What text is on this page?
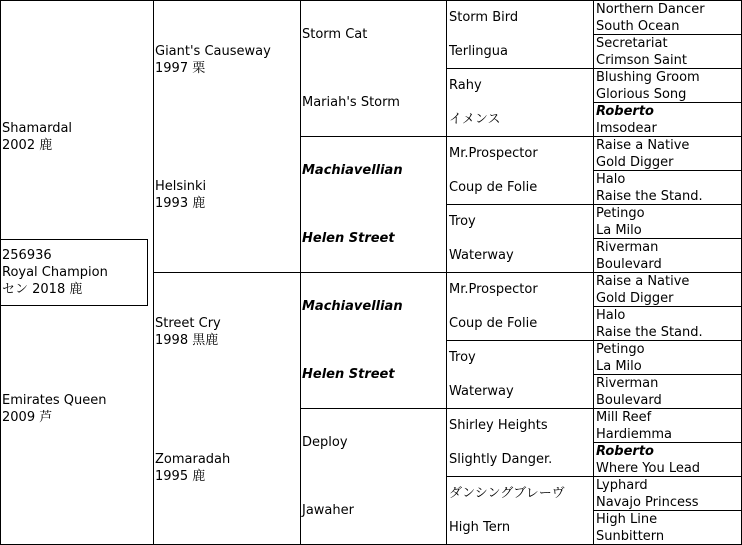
256936
Royal Champion
セン 2018 鹿
Shamardal
2002 鹿
Emirates Queen
2009 芦
Giant's Causeway
1997 栗
Helsinki
1993 鹿
Street Cry
1998 黒鹿
Zomaradah
1995 鹿
Storm Cat
Mariah's Storm
Machiavellian
Helen Street
Machiavellian
Helen Street
Deploy
Jawaher
Storm Bird
Terlingua
Rahy
イメンス
Mr.Prospector
Coup de Folie
Troy
Waterway
Mr.Prospector
Coup de Folie
Troy
Waterway
Shirley Heights
Slightly Danger.
ダンシングブレーヴ
High Tern
Northern Dancer
South Ocean
Secretariat
Crimson Saint
Blushing Groom
Glorious Song
Roberto
Imsodear
Raise a Native
Gold Digger
Halo
Raise the Stand.
Petingo
La Milo
Riverman
Boulevard
Raise a Native
Gold Digger
Halo
Raise the Stand.
Petingo
La Milo
Riverman
Boulevard
Mill Reef
Hardiemma
Roberto
Where You Lead
Lyphard
Navajo Princess
High Line
Sunbittern
